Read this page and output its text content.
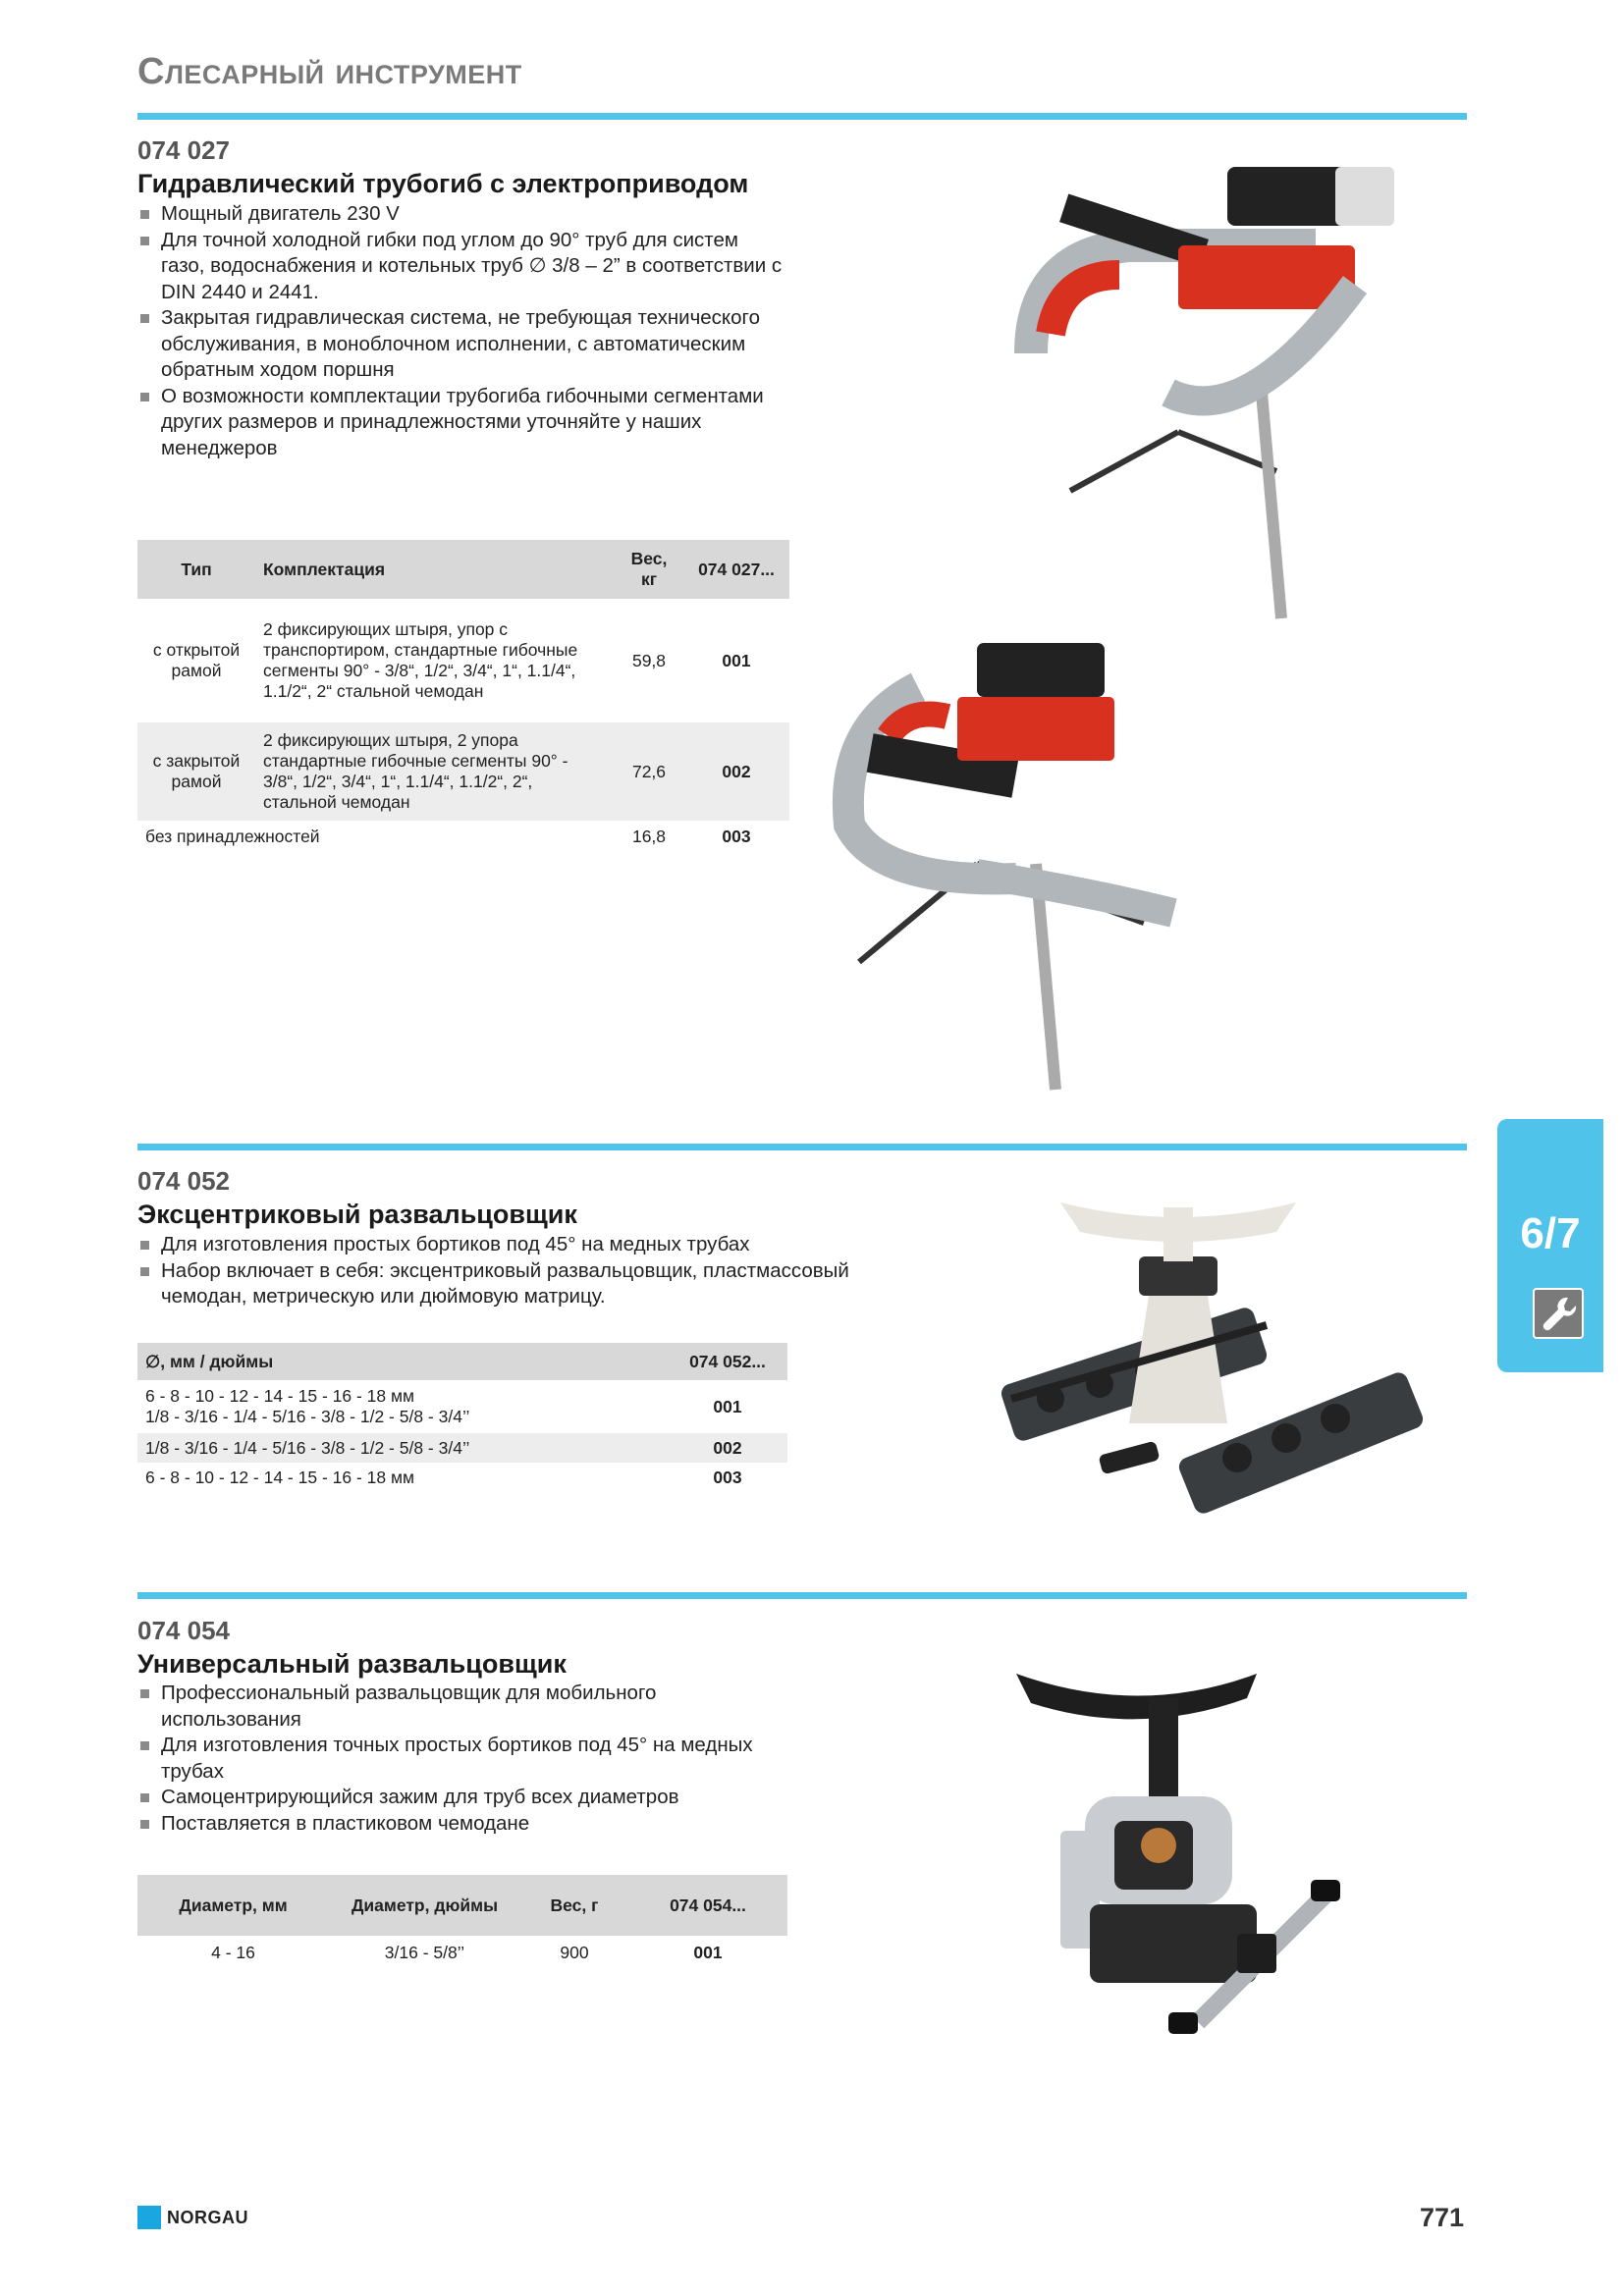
Слесарный инструмент
074 027
Гидравлический трубогиб с электроприводом
Мощный двигатель 230 V
Для точной холодной гибки под углом до 90° труб для систем газо, водоснабжения и котельных труб ∅ 3/8 – 2” в соответствии с DIN 2440 и 2441.
Закрытая гидравлическая система, не требующая технического обслуживания, в моноблочном исполнении, с автоматическим обратным ходом поршня
О возможности комплектации трубогиба гибочными сегментами других размеров и принадлежностями уточняйте у наших менеджеров
Тип	Комплектация	Вес, кг	074 027...
с открытой рамой	2 фиксирующих штыря, упор с транспортиром, стандартные гибочные сегменты 90° - 3/8“, 1/2“, 3/4“, 1“, 1.1/4“, 1.1/2“, 2“ стальной чемодан	59,8	001
с закрытой рамой	2 фиксирующих штыря, 2 упора стандартные гибочные сегменты 90° - 3/8“, 1/2“, 3/4“, 1“, 1.1/4“, 1.1/2“, 2“, стальной чемодан	72,6	002
без принадлежностей		16,8	003
074 052
Эксцентриковый развальцовщик
Для изготовления простых бортиков под 45° на медных трубах
Набор включает в себя: эксцентриковый развальцовщик, пластмассовый чемодан, метрическую или дюймовую матрицу.
∅, мм / дюймы	074 052...

6 - 8 - 10 - 12 - 14 - 15 - 16 - 18 мм
1/8 - 3/16 - 1/4 - 5/16 - 3/8 - 1/2 - 5/8 - 3/4’’	001
1/8 - 3/16 - 1/4 - 5/16 - 3/8 - 1/2 - 5/8 - 3/4’’	002
6 - 8 - 10 - 12 - 14 - 15 - 16 - 18 мм	003
074 054
Универсальный развальцовщик
Профессиональный развальцовщик для мобильного использования
Для изготовления точных простых бортиков под 45° на медных трубах
Самоцентрирующийся зажим для труб всех диаметров
Поставляется в пластиковом чемодане
Диаметр, мм	Диаметр, дюймы	Вес, г	074 054...
4 - 16	3/16 - 5/8’’	900	001
6/7
NORGAU	771
